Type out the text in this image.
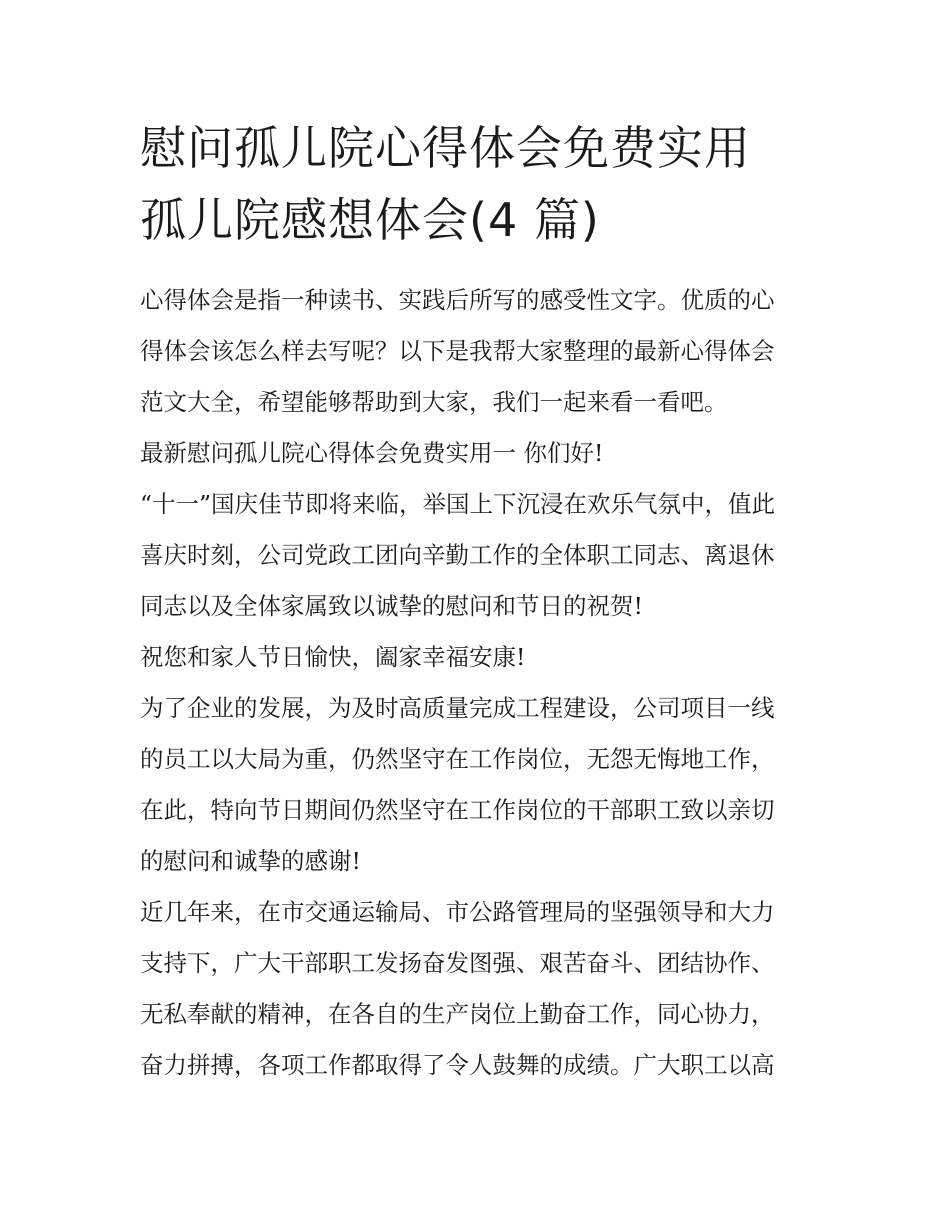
慰问孤儿院心得体会免费实用
孤儿院感想体会(4 篇)
心得体会是指一种读书、实践后所写的感受性文字。优质的心
得体会该怎么样去写呢？以下是我帮大家整理的最新心得体会
范文大全，希望能够帮助到大家，我们一起来看一看吧。
最新慰问孤儿院心得体会免费实用一 你们好!
“十一”国庆佳节即将来临，举国上下沉浸在欢乐气氛中，值此
喜庆时刻，公司党政工团向辛勤工作的全体职工同志、离退休
同志以及全体家属致以诚挚的慰问和节日的祝贺!
祝您和家人节日愉快，阖家幸福安康!
为了企业的发展，为及时高质量完成工程建设，公司项目一线
的员工以大局为重，仍然坚守在工作岗位，无怨无悔地工作，
在此，特向节日期间仍然坚守在工作岗位的干部职工致以亲切
的慰问和诚挚的感谢!
近几年来，在市交通运输局、市公路管理局的坚强领导和大力
支持下，广大干部职工发扬奋发图强、艰苦奋斗、团结协作、
无私奉献的精神，在各自的生产岗位上勤奋工作，同心协力，
奋力拼搏，各项工作都取得了令人鼓舞的成绩。广大职工以高
